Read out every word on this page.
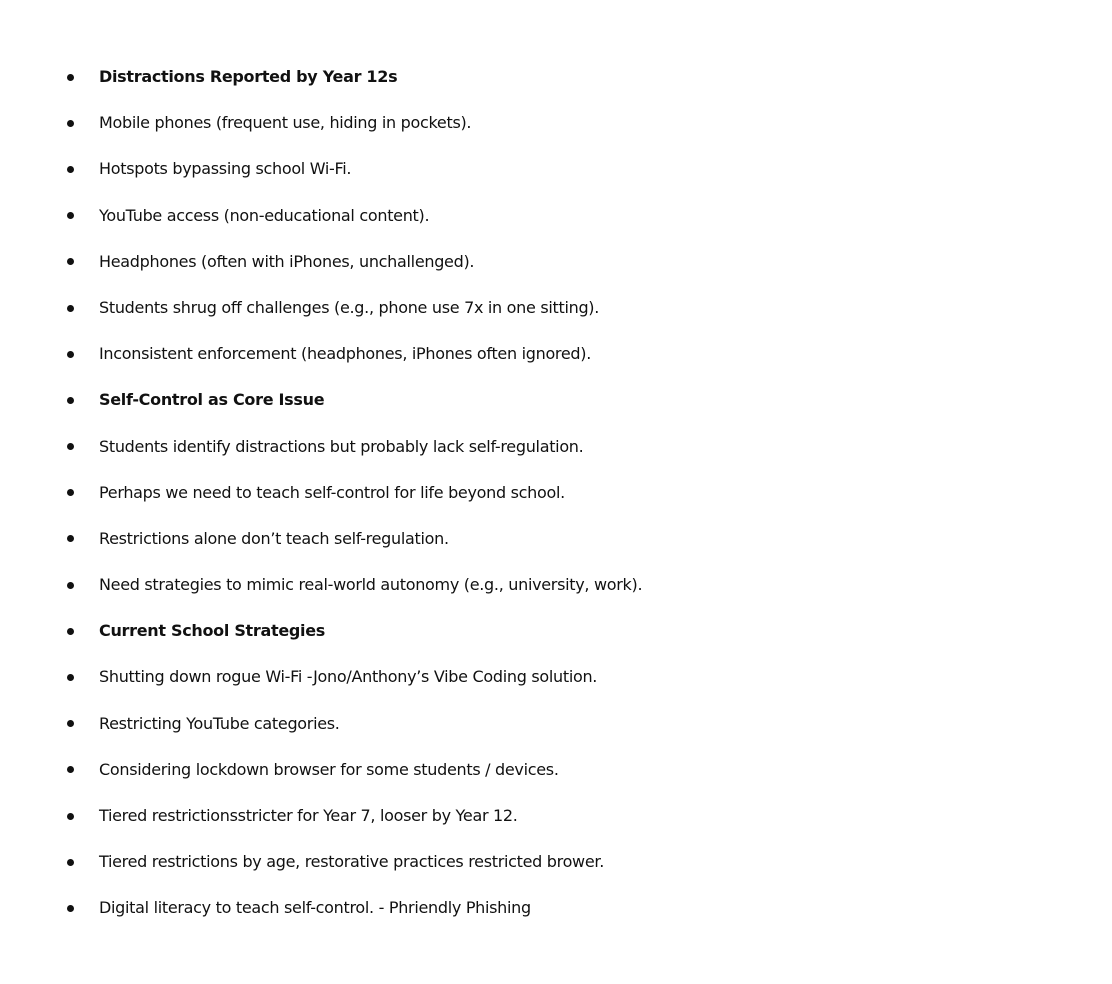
Distractions Reported by Year 12s
Mobile phones (frequent use, hiding in pockets).
Hotspots bypassing school Wi-Fi.
YouTube access (non-educational content).
Headphones (often with iPhones, unchallenged).
Students shrug off challenges (e.g., phone use 7x in one sitting).
Inconsistent enforcement (headphones, iPhones often ignored).
Self-Control as Core Issue
Students identify distractions but probably lack self-regulation.
Perhaps we need to teach self-control for life beyond school.
Restrictions alone don’t teach self-regulation.
Need strategies to mimic real-world autonomy (e.g., university, work).
Current School Strategies
Shutting down rogue Wi-Fi -Jono/Anthony’s Vibe Coding solution.
Restricting YouTube categories.
Considering lockdown browser for some students / devices.
Tiered restrictionsstricter for Year 7, looser by Year 12.
Tiered restrictions by age, restorative practices restricted brower.
Digital literacy to teach self-control. - Phriendly Phishing
